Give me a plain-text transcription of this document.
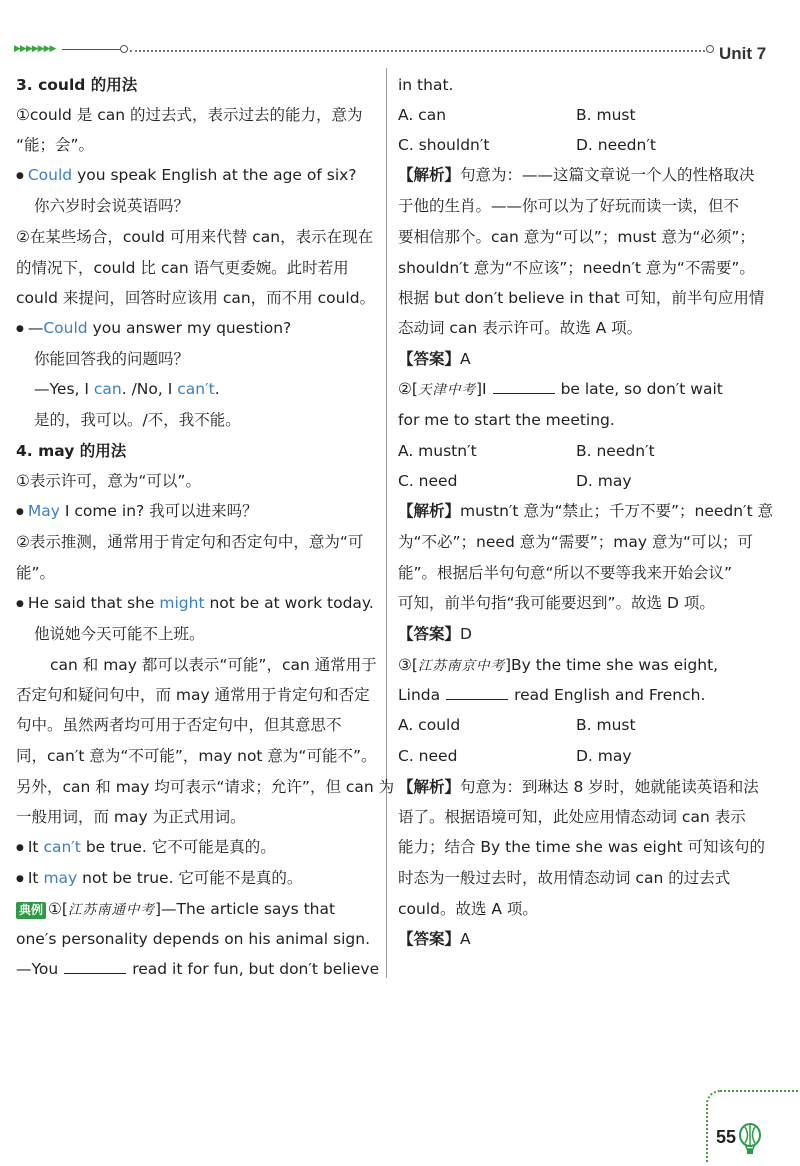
▶▶▶▶▶▶▶	Unit 7
3. could 的用法
①could 是 can 的过去式，表示过去的能力，意为
“能；会”。
● Could you speak English at the age of six?
你六岁时会说英语吗？
②在某些场合，could 可用来代替 can，表示在现在
的情况下，could 比 can 语气更委婉。此时若用
could 来提问，回答时应该用 can，而不用 could。
● —Could you answer my question?
你能回答我的问题吗？
—Yes, I can. /No, I can′t.
是的，我可以。/不，我不能。
4. may 的用法
①表示许可，意为“可以”。
● May I come in? 我可以进来吗？
②表示推测，通常用于肯定句和否定句中，意为“可
能”。
● He said that she might not be at work today.
他说她今天可能不上班。
can 和 may 都可以表示“可能”，can 通常用于
否定句和疑问句中，而 may 通常用于肯定句和否定
句中。虽然两者均可用于否定句中，但其意思不
同，can′t 意为“不可能”，may not 意为“可能不”。
另外，can 和 may 均可表示“请求；允许”，但 can 为
一般用词，而 may 为正式用词。
● It can′t be true. 它不可能是真的。
● It may not be true. 它可能不是真的。
典例 ①[江苏南通中考]—The article says that
one′s personality depends on his animal sign.
—You	read it for fun, but don′t believe
in that.
A. can	B. must
C. shouldn′t	D. needn′t
【解析】句意为：——这篇文章说一个人的性格取决
于他的生肖。——你可以为了好玩而读一读，但不
要相信那个。can 意为“可以”；must 意为“必须”；
shouldn′t 意为“不应该”；needn′t 意为“不需要”。
根据 but don′t believe in that 可知，前半句应用情
态动词 can 表示许可。故选 A 项。
【答案】A
②[天津中考]I	be late, so don′t wait
for me to start the meeting.
A. mustn′t	B. needn′t
C. need	D. may
【解析】mustn′t 意为“禁止；千万不要”；needn′t 意
为“不必”；need 意为“需要”；may 意为“可以；可
能”。根据后半句句意“所以不要等我来开始会议”
可知，前半句指“我可能要迟到”。故选 D 项。
【答案】D
③[江苏南京中考]By the time she was eight,
Linda	read English and French.
A. could	B. must
C. need	D. may
【解析】句意为：到琳达 8 岁时，她就能读英语和法
语了。根据语境可知，此处应用情态动词 can 表示
能力；结合 By the time she was eight 可知该句的
时态为一般过去时，故用情态动词 can 的过去式
could。故选 A 项。
【答案】A
55
